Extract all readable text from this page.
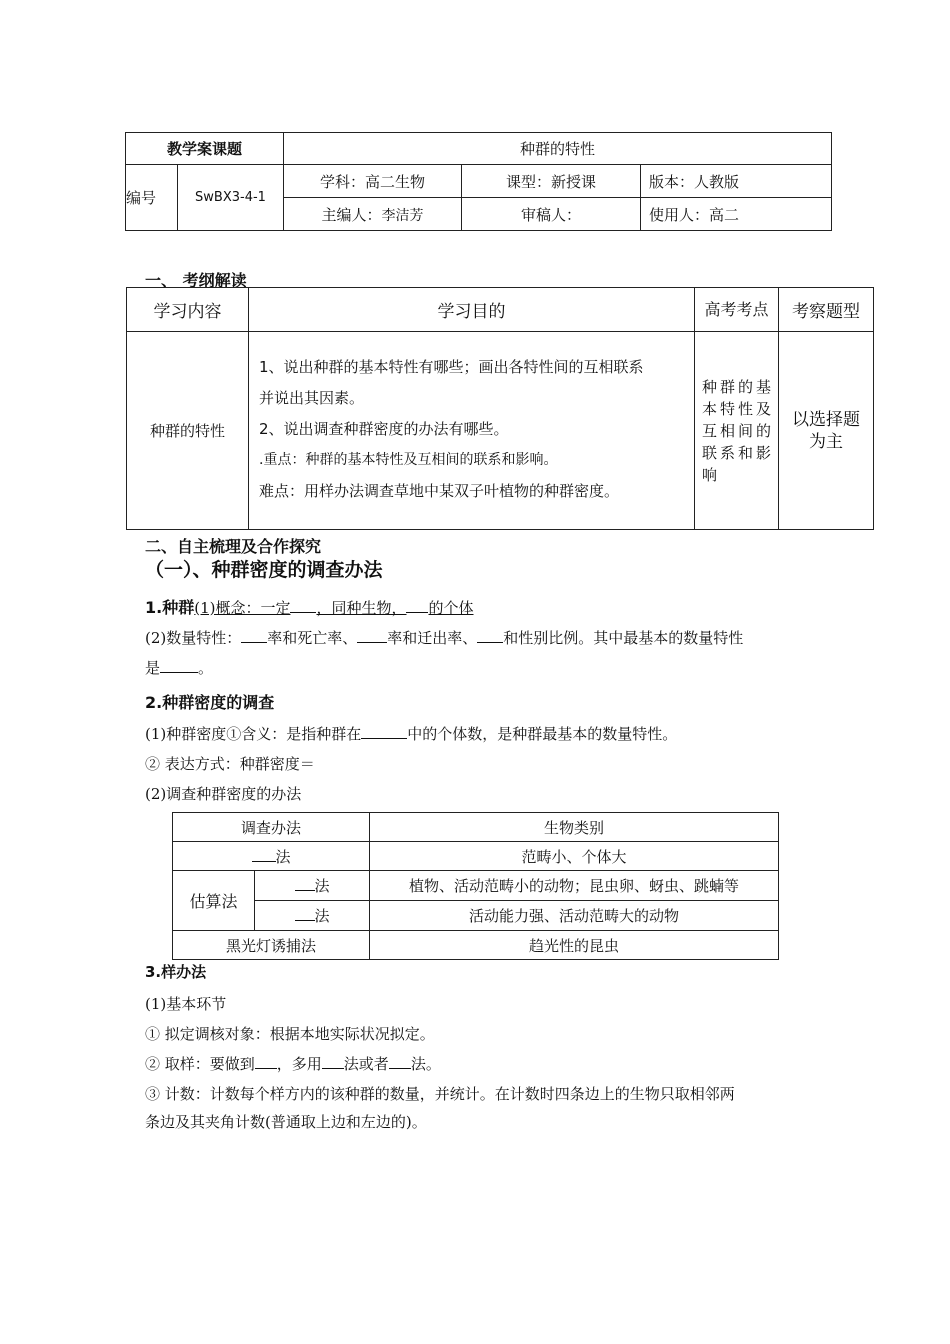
教学案课题		种群的特性		
编号	SwBX3-4-1	学科：高二生物	课型：新授课	版本：人教版
		主编人：李洁芳	审稿人：	使用人：高二
一、 考纲解读
学习内容	学习目的	高考考点	考察题型
种群的特性	1、说出种群的基本特性有哪些；画出各特性间的互相联系
并说出其因素。
2、说出调查种群密度的办法有哪些。
.重点：种群的基本特性及互相间的联系和影响。
难点：用样办法调查草地中某双子叶植物的种群密度。	种群的基本特性及互相间的联系和影响	以选择题为主
二、自主梳理及合作探究
（一）、种群密度的调查办法
1.种群(1)概念：一定 ，同种生物， 的个体
(2)数量特性： 率和死亡率、 率和迁出率、 和性别比例。其中最基本的数量特性
是	。
2.种群密度的调查
(1)种群密度①含义：是指种群在	中的个体数，是种群最基本的数量特性。
② 表达方式：种群密度＝
(2)调查种群密度的办法
调查办法		生物类别
法		范畴小、个体大
估算法	法	植物、活动范畴小的动物；昆虫卵、蚜虫、跳蝻等
	法	活动能力强、活动范畴大的动物
黑光灯诱捕法		趋光性的昆虫
3.样办法
(1)基本环节
① 拟定调核对象：根据本地实际状况拟定。
② 取样：要做到 ，多用 法或者 法。
③ 计数：计数每个样方内的该种群的数量，并统计。在计数时四条边上的生物只取相邻两
条边及其夹角计数(普通取上边和左边的)。
